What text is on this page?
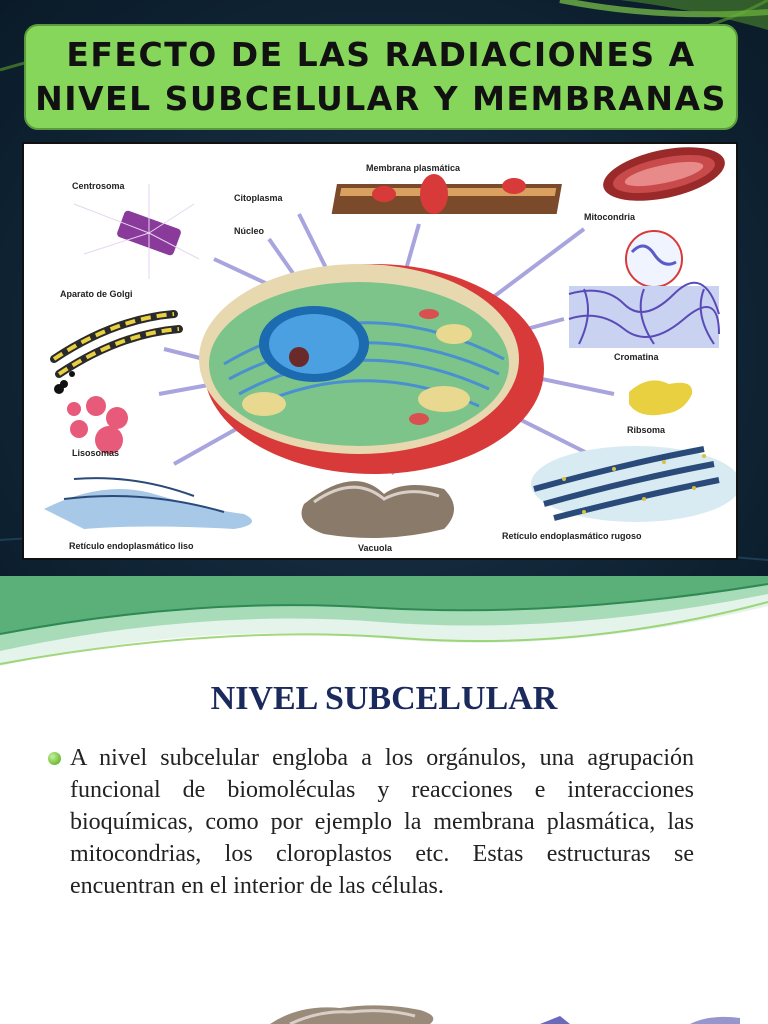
EFECTO DE LAS RADIACIONES A
NIVEL SUBCELULAR Y MEMBRANAS
Centrosoma
Membrana plasmática
Citoplasma
Núcleo
Mitocondria
Aparato de Golgi
Cromatina
Ribsoma
Lisosomas
Retículo endoplasmático rugoso
Retículo endoplasmático liso	Vacuola
NIVEL SUBCELULAR
A nivel subcelular engloba a los orgánulos, una agrupación funcional de biomoléculas y reacciones e interacciones bioquímicas, como por ejemplo la membrana plasmática, las mitocondrias, los cloroplastos etc. Estas estructuras se encuentran en el interior de las células.
